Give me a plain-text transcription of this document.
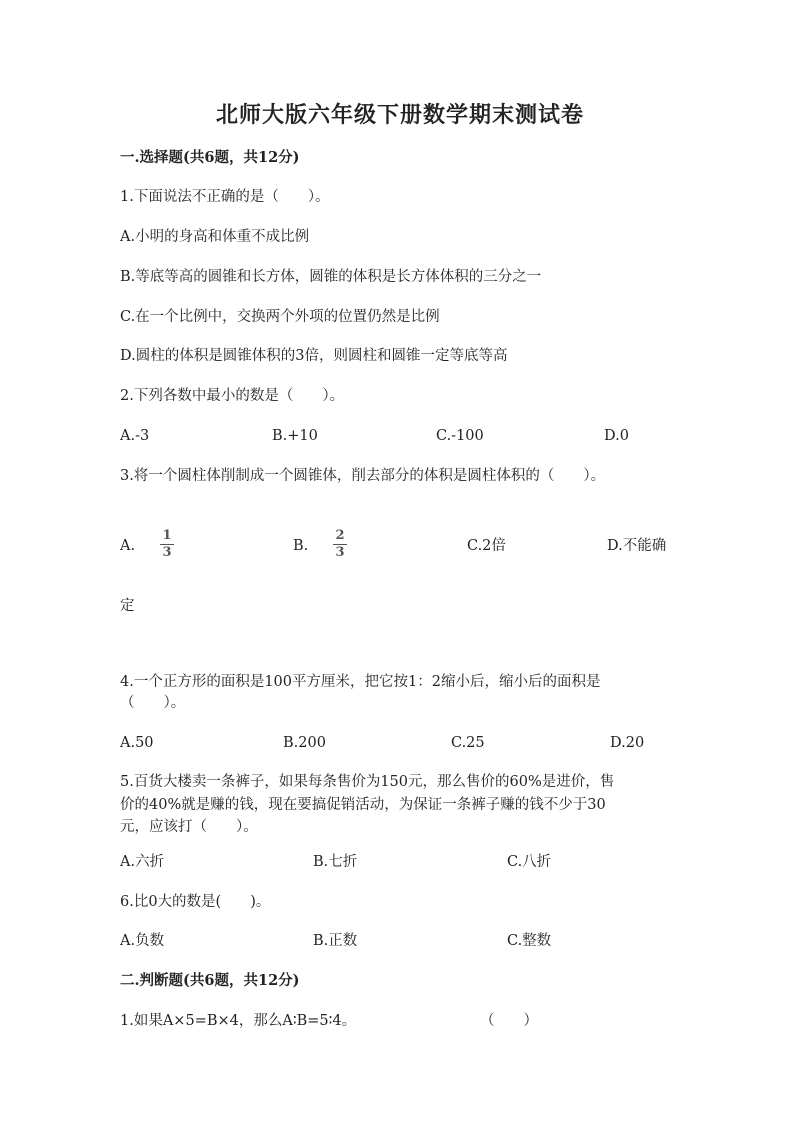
北师大版六年级下册数学期末测试卷
一.选择题(共6题，共12分)
1.下面说法不正确的是（　　）。
A.小明的身高和体重不成比例
B.等底等高的圆锥和长方体，圆锥的体积是长方体体积的三分之一
C.在一个比例中，交换两个外项的位置仍然是比例
D.圆柱的体积是圆锥体积的3倍，则圆柱和圆锥一定等底等高
2.下列各数中最小的数是（　　）。
A.-3	B.+10	C.-100	D.0
3.将一个圆柱体削制成一个圆锥体，削去部分的体积是圆柱体积的（　　）。
A.
1
3	B.
2
3	C.2倍	D.不能确
定
4.一个正方形的面积是100平方厘米，把它按1：2缩小后，缩小后的面积是
（　　）。
A.50	B.200	C.25	D.20
5.百货大楼卖一条裤子，如果每条售价为150元，那么售价的60%是进价，售
价的40%就是赚的钱，现在要搞促销活动，为保证一条裤子赚的钱不少于30
元，应该打（　　）。
A.六折	B.七折	C.八折
6.比0大的数是(　　)。
A.负数	B.正数	C.整数
二.判断题(共6题，共12分)
1.如果A×5=B×4，那么A∶B=5∶4。	（　　）
